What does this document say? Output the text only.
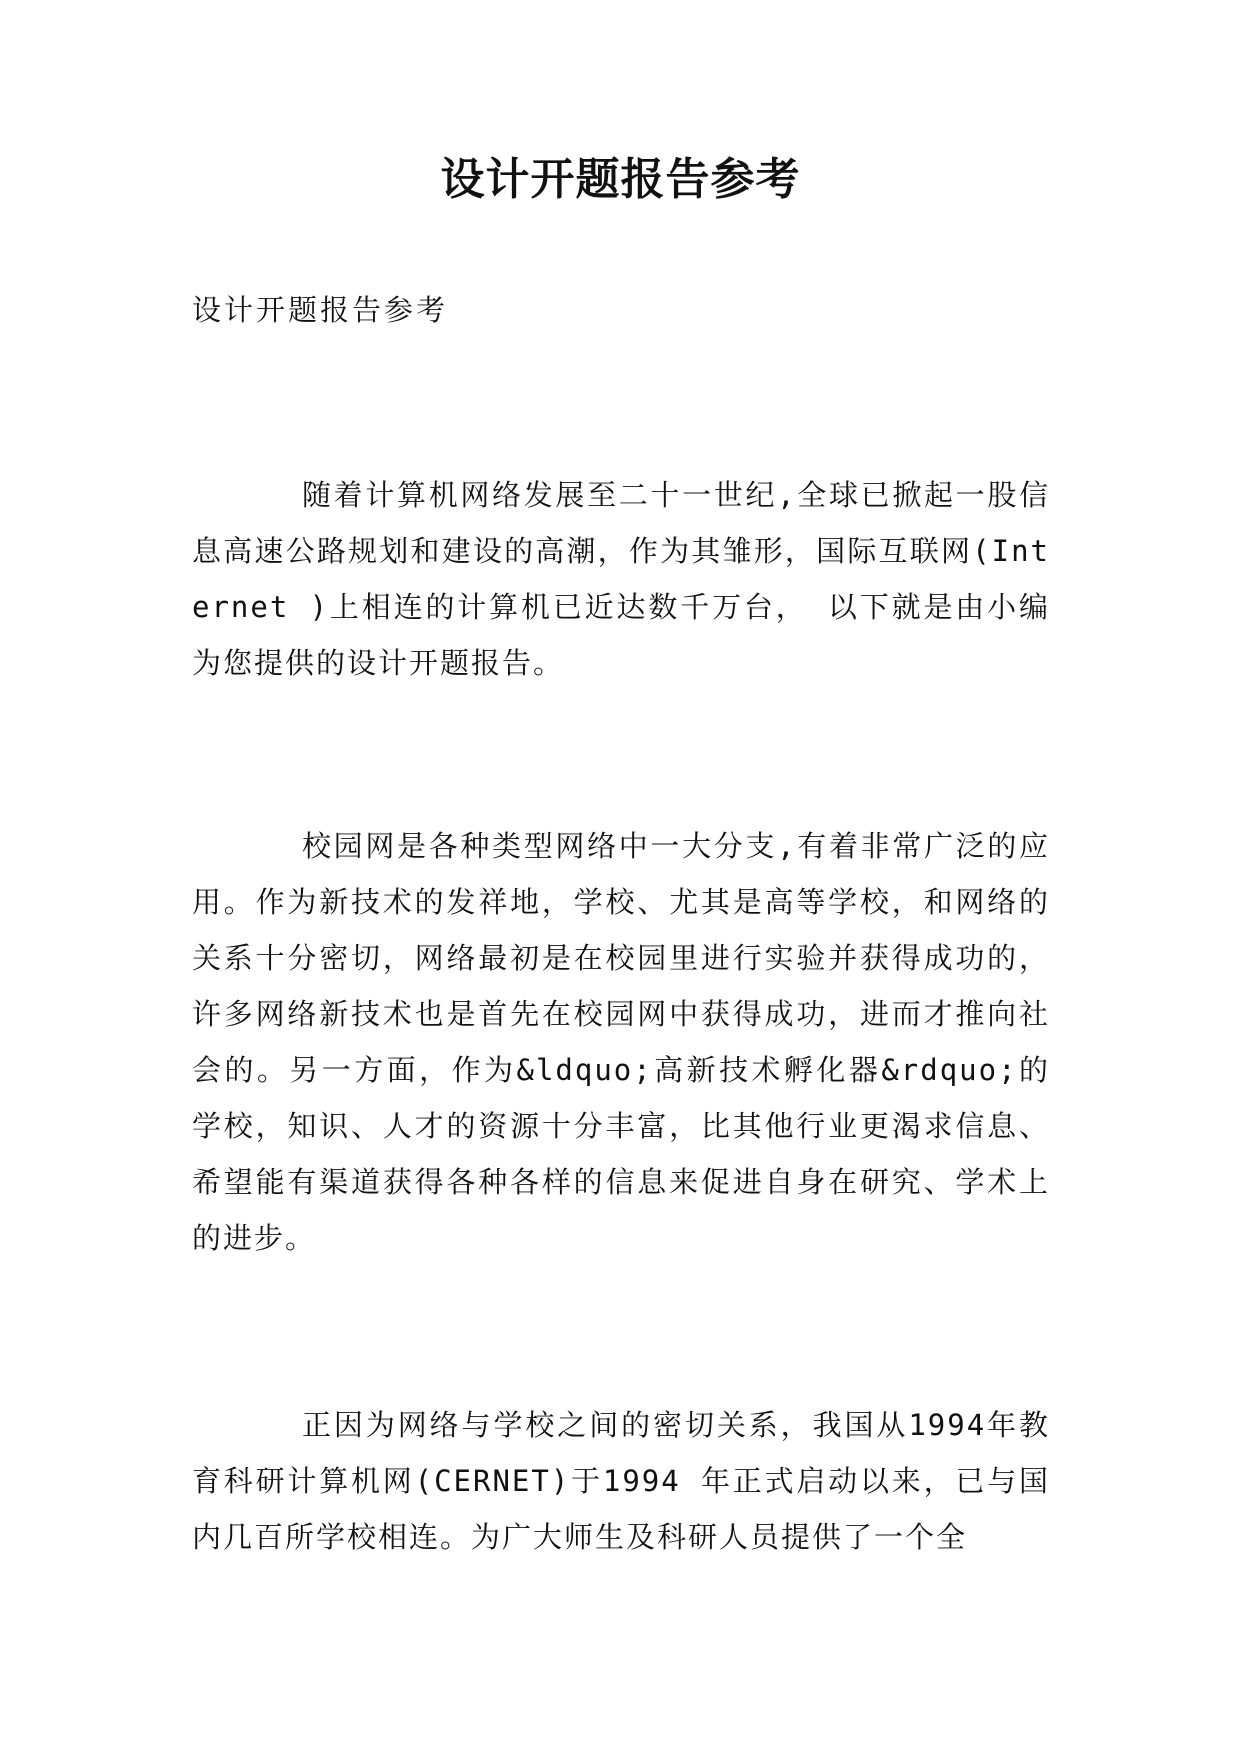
设计开题报告参考

设计开题报告参考

随着计算机网络发展至二十一世纪,全球已掀起一股信息高速公路规划和建设的高潮，作为其雏形，国际互联网(Internet )上相连的计算机已近达数千万台， 以下就是由小编为您提供的设计开题报告。

校园网是各种类型网络中一大分支,有着非常广泛的应用。作为新技术的发祥地，学校、尤其是高等学校，和网络的关系十分密切，网络最初是在校园里进行实验并获得成功的，许多网络新技术也是首先在校园网中获得成功，进而才推向社会的。另一方面，作为&ldquo;高新技术孵化器&rdquo;的学校，知识、人才的资源十分丰富，比其他行业更渴求信息、希望能有渠道获得各种各样的信息来促进自身在研究、学术上的进步。

正因为网络与学校之间的密切关系，我国从1994年教育科研计算机网(CERNET)于1994 年正式启动以来，已与国内几百所学校相连。为广大师生及科研人员提供了一个全
